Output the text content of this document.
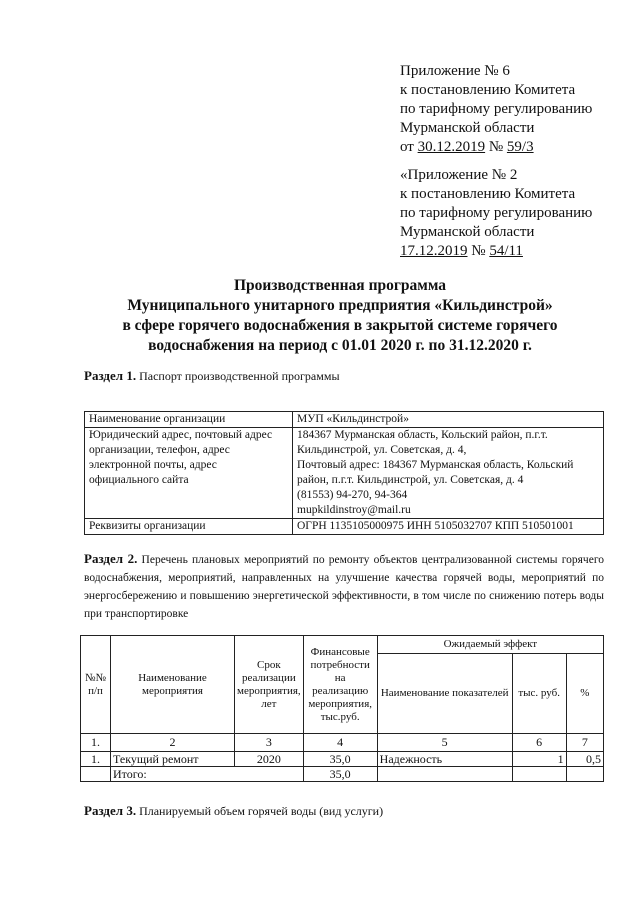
Приложение № 6
к постановлению Комитета
по тарифному регулированию
Мурманской области
от 30.12.2019 № 59/3
«Приложение № 2
к постановлению Комитета
по тарифному регулированию
Мурманской области
17.12.2019 № 54/11
Производственная программа
Муниципального унитарного предприятия «Кильдинстрой»
в сфере горячего водоснабжения в закрытой системе горячего
водоснабжения на период с 01.01 2020 г. по 31.12.2020 г.
Раздел 1. Паспорт производственной программы
Наименование организации	МУП «Кильдинстрой»
Юридический адрес, почтовый адрес организации, телефон, адрес электронной почты, адрес официального сайта	184367 Мурманская область, Кольский район, п.г.т. Кильдинстрой, ул. Советская, д. 4,
Почтовый адрес: 184367 Мурманская область, Кольский район, п.г.т. Кильдинстрой, ул. Советская, д. 4
(81553) 94-270, 94-364
mupkildinstroy@mail.ru

Реквизиты организации	ОГРН 1135105000975 ИНН 5105032707 КПП 510501001
Раздел 2. Перечень плановых мероприятий по ремонту объектов централизованной системы горячего водоснабжения, мероприятий, направленных на улучшение качества горячей воды, мероприятий по энергосбережению и повышению энергетической эффективности, в том числе по снижению потерь воды при транспортировке
№№ п/п	Наименование мероприятия	Срок реализации мероприятия, лет	Финансовые потребности на реализацию мероприятия, тыс.руб.	Ожидаемый эффект		
				Наименование показателей	тыс. руб.	%
1.	2	3	4	5	6	7
1.	Текущий ремонт	2020	35,0	Надежность	1	0,5
	Итого:		35,0			
Раздел 3. Планируемый объем горячей воды (вид услуги)
